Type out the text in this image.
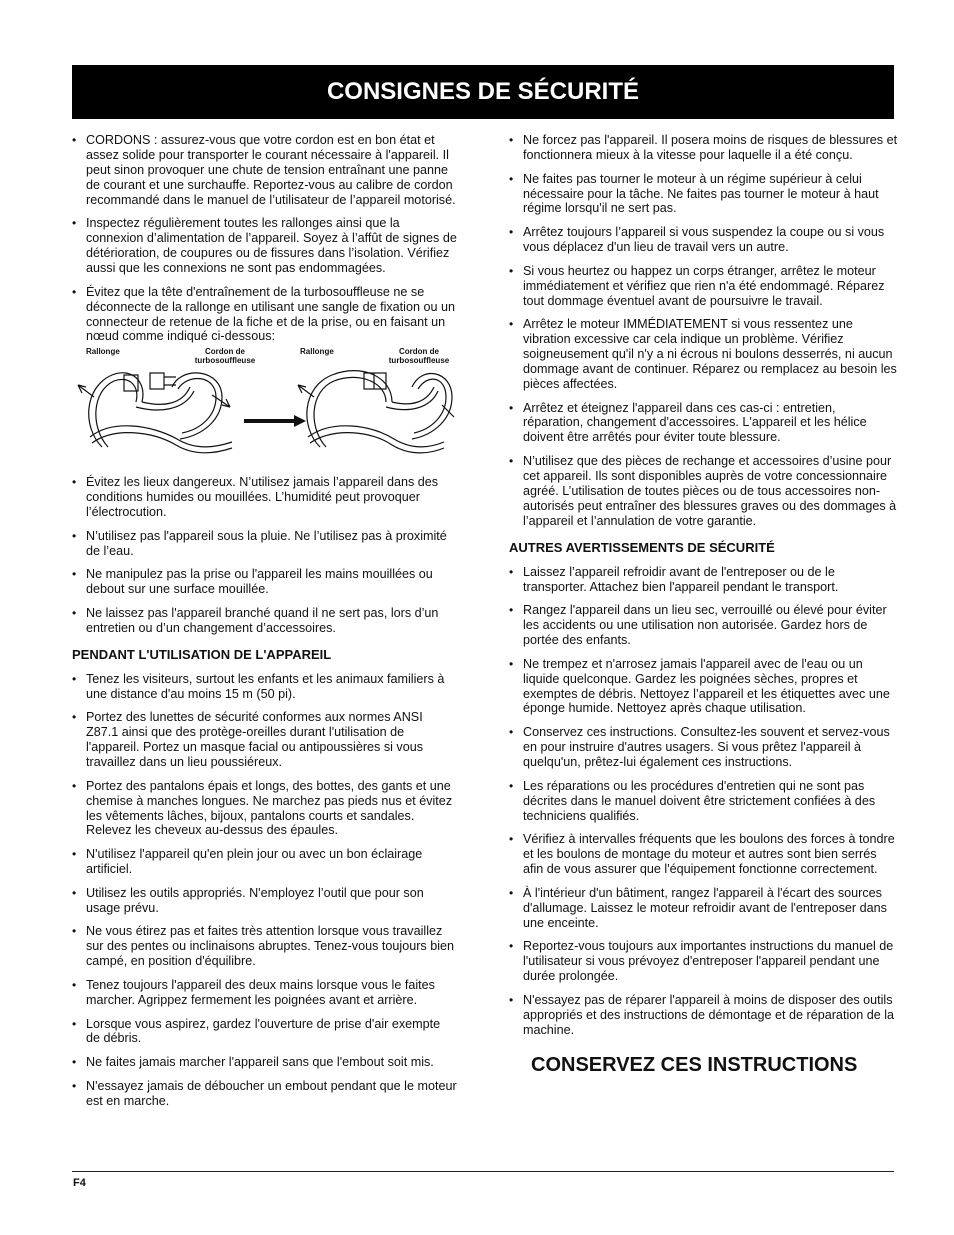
CONSIGNES DE SÉCURITÉ
• CORDONS : assurez-vous que votre cordon est en bon état et assez solide pour transporter le courant nécessaire à l'appareil. Il peut sinon provoquer une chute de tension entraînant une panne de courant et une surchauffe. Reportez-vous au calibre de cordon recommandé dans le manuel de l’utilisateur de l’appareil motorisé.
• Inspectez régulièrement toutes les rallonges ainsi que la connexion d’alimentation de l’appareil. Soyez à l’affût de signes de détérioration, de coupures ou de fissures dans l’isolation. Vérifiez aussi que les connexions ne sont pas endommagées.
• Évitez que la tête d'entraînement de la turbosouffleuse ne se déconnecte de la rallonge en utilisant une sangle de fixation ou un connecteur de retenue de la fiche et de la prise, ou en faisant un nœud comme indiqué ci-dessous:
Rallonge	Cordon de turbosouffleuse
Rallonge	Cordon de turbosouffleuse
• Évitez les lieux dangereux. N’utilisez jamais l’appareil dans des conditions humides ou mouillées. L’humidité peut provoquer l’électrocution.
• N’utilisez pas l'appareil sous la pluie. Ne l’utilisez pas à proximité de l’eau.
• Ne manipulez pas la prise ou l'appareil les mains mouillées ou debout sur une surface mouillée.
• Ne laissez pas l'appareil branché quand il ne sert pas, lors d’un entretien ou d’un changement d’accessoires.
PENDANT L'UTILISATION DE L'APPAREIL
• Tenez les visiteurs, surtout les enfants et les animaux familiers à une distance d'au moins 15 m (50 pi).
• Portez des lunettes de sécurité conformes aux normes ANSI Z87.1 ainsi que des protège-oreilles durant l'utilisation de l'appareil. Portez un masque facial ou antipoussières si vous travaillez dans un lieu poussiéreux.
• Portez des pantalons épais et longs, des bottes, des gants et une chemise à manches longues. Ne marchez pas pieds nus et évitez les vêtements lâches, bijoux, pantalons courts et sandales. Relevez les cheveux au-dessus des épaules.
• N'utilisez l'appareil qu'en plein jour ou avec un bon éclairage artificiel.
• Utilisez les outils appropriés. N'employez l’outil que pour son usage prévu.
• Ne vous étirez pas et faites très attention lorsque vous travaillez sur des pentes ou inclinaisons abruptes. Tenez-vous toujours bien campé, en position d'équilibre.
• Tenez toujours l'appareil des deux mains lorsque vous le faites marcher. Agrippez fermement les poignées avant et arrière.
• Lorsque vous aspirez, gardez l'ouverture de prise d'air exempte de débris.
• Ne faites jamais marcher l'appareil sans que l'embout soit mis.
• N'essayez jamais de déboucher un embout pendant que le moteur est en marche.
• Ne forcez pas l'appareil. Il posera moins de risques de blessures et fonctionnera mieux à la vitesse pour laquelle il a été conçu.
• Ne faites pas tourner le moteur à un régime supérieur à celui nécessaire pour la tâche. Ne faites pas tourner le moteur à haut régime lorsqu'il ne sert pas.
• Arrêtez toujours l’appareil si vous suspendez la coupe ou si vous vous déplacez d'un lieu de travail vers un autre.
• Si vous heurtez ou happez un corps étranger, arrêtez le moteur immédiatement et vérifiez que rien n'a été endommagé. Réparez tout dommage éventuel avant de poursuivre le travail.
• Arrêtez le moteur IMMÉDIATEMENT si vous ressentez une vibration excessive car cela indique un problème. Vérifiez soigneusement qu'il n'y a ni écrous ni boulons desserrés, ni aucun dommage avant de continuer. Réparez ou remplacez au besoin les pièces affectées.
• Arrêtez et éteignez l'appareil dans ces cas-ci : entretien, réparation, changement d'accessoires. L'appareil et les hélice doivent être arrêtés pour éviter toute blessure.
• N’utilisez que des pièces de rechange et accessoires d’usine pour cet appareil. Ils sont disponibles auprès de votre concessionnaire agréé. L’utilisation de toutes pièces ou de tous accessoires non-autorisés peut entraîner des blessures graves ou des dommages à l’appareil et l’annulation de votre garantie.
AUTRES AVERTISSEMENTS DE SÉCURITÉ
• Laissez l’appareil refroidir avant de l'entreposer ou de le transporter. Attachez bien l'appareil pendant le transport.
• Rangez l'appareil dans un lieu sec, verrouillé ou élevé pour éviter les accidents ou une utilisation non autorisée. Gardez hors de portée des enfants.
• Ne trempez et n'arrosez jamais l'appareil avec de l'eau ou un liquide quelconque. Gardez les poignées sèches, propres et exemptes de débris. Nettoyez l’appareil et les étiquettes avec une éponge humide. Nettoyez après chaque utilisation.
• Conservez ces instructions. Consultez-les souvent et servez-vous en pour instruire d'autres usagers. Si vous prêtez l'appareil à quelqu'un, prêtez-lui également ces instructions.
• Les réparations ou les procédures d'entretien qui ne sont pas décrites dans le manuel doivent être strictement confiées à des techniciens qualifiés.
• Vérifiez à intervalles fréquents que les boulons des forces à tondre et les boulons de montage du moteur et autres sont bien serrés afin de vous assurer que l'équipement fonctionne correctement.
• À l'intérieur d'un bâtiment, rangez l'appareil à l'écart des sources d'allumage. Laissez le moteur refroidir avant de l'entreposer dans une enceinte.
• Reportez-vous toujours aux importantes instructions du manuel de l'utilisateur si vous prévoyez d'entreposer l'appareil pendant une durée prolongée.
• N'essayez pas de réparer l'appareil à moins de disposer des outils appropriés et des instructions de démontage et de réparation de la machine.
CONSERVEZ CES INSTRUCTIONS
F4
